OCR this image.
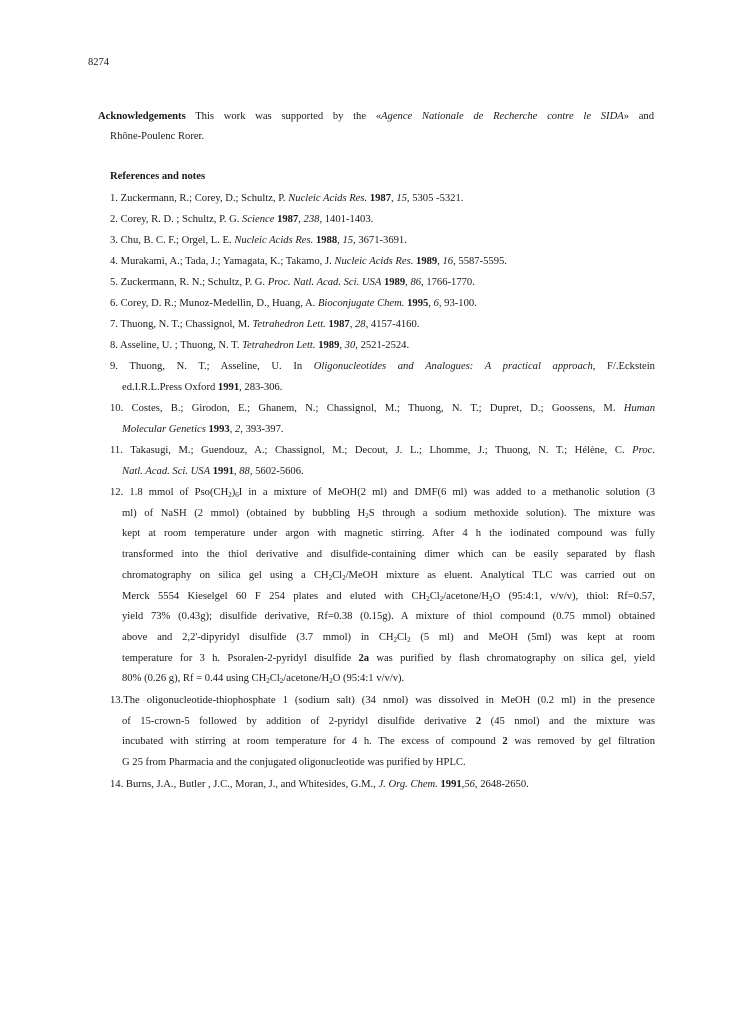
8274
Acknowledgements This work was supported by the «Agence Nationale de Recherche contre le SIDA» and
Rhône-Poulenc Rorer.
References and notes
1. Zuckermann, R.; Corey, D.; Schultz, P. Nucleic Acids Res. 1987, 15, 5305 -5321.
2. Corey, R. D. ; Schultz, P. G. Science 1987, 238, 1401-1403.
3. Chu, B. C. F.; Orgel, L. E. Nucleic Acids Res. 1988, 15, 3671-3691.
4. Murakami, A.; Tada, J.; Yamagata, K.; Takamo, J. Nucleic Acids Res. 1989, 16, 5587-5595.
5. Zuckermann, R. N.; Schultz, P. G. Proc. Natl. Acad. Sci. USA 1989, 86, 1766-1770.
6. Corey, D. R.; Munoz-Medellin, D., Huang, A. Bioconjugate Chem. 1995, 6, 93-100.
7. Thuong, N. T.; Chassignol, M. Tetrahedron Lett. 1987, 28, 4157-4160.
8. Asseline, U. ; Thuong, N. T. Tetrahedron Lett. 1989, 30, 2521-2524.
9. Thuong, N. T.; Asseline, U. In Oligonucleotides and Analogues: A practical approach, F/.Eckstein
ed.I.R.L.Press Oxford 1991, 283-306.
10. Costes, B.; Girodon, E.; Ghanem, N.; Chassignol, M.; Thuong, N. T.; Dupret, D.; Goossens, M. Human
Molecular Genetics 1993, 2, 393-397.
11. Takasugi, M.; Guendouz, A.; Chassignol, M.; Decout, J. L.; Lhomme, J.; Thuong, N. T.; Hélène, C. Proc.
Natl. Acad. Sci. USA 1991, 88, 5602-5606.
12. 1.8 mmol of $Pso(CH_2)_6I$ in a mixture of MeOH(2 ml) and DMF(6 ml) was added to a methanolic solution (3
ml) of NaSH (2 mmol) (obtained by bubbling $H_2S$ through a sodium methoxide solution). The mixture was
kept at room temperature under argon with magnetic stirring. After 4 h the iodinated compound was fully
transformed into the thiol derivative and disulfide-containing dimer which can be easily separated by flash
chromatography on silica gel using a $CH_2Cl_2$/MeOH mixture as eluent. Analytical TLC was carried out on
Merck 5554 Kieselgel 60 F 254 plates and eluted with $CH_2Cl_2/acetone/H_2O$ (95:4:1, v/v/v), thiol: Rf=0.57,
yield 73% (0.43g); disulfide derivative, Rf=0.38 (0.15g). A mixture of thiol compound (0.75 mmol) obtained
above and 2,2'-dipyridyl disulfide (3.7 mmol) in $CH_2Cl_2$ (5 ml) and MeOH (5ml) was kept at room
temperature for 3 h. Psoralen-2-pyridyl disulfide 2a was purified by flash chromatography on silica gel, yield
80% (0.26 g), Rf = 0.44 using $CH_2Cl_2/acetone/H_2O$ (95:4:1 v/v/v).
13.The oligonucleotide-thiophosphate 1 (sodium salt) (34 nmol) was dissolved in MeOH (0.2 ml) in the presence
of 15-crown-5 followed by addition of 2-pyridyl disulfide derivative 2 (45 nmol) and the mixture was
incubated with stirring at room temperature for 4 h. The excess of compound 2 was removed by gel filtration
G 25 from Pharmacia and the conjugated oligonucleotide was purified by HPLC.
14. Burns, J.A., Butler , J.C., Moran, J., and Whitesides, G.M., J. Org. Chem. 1991,56, 2648-2650.
